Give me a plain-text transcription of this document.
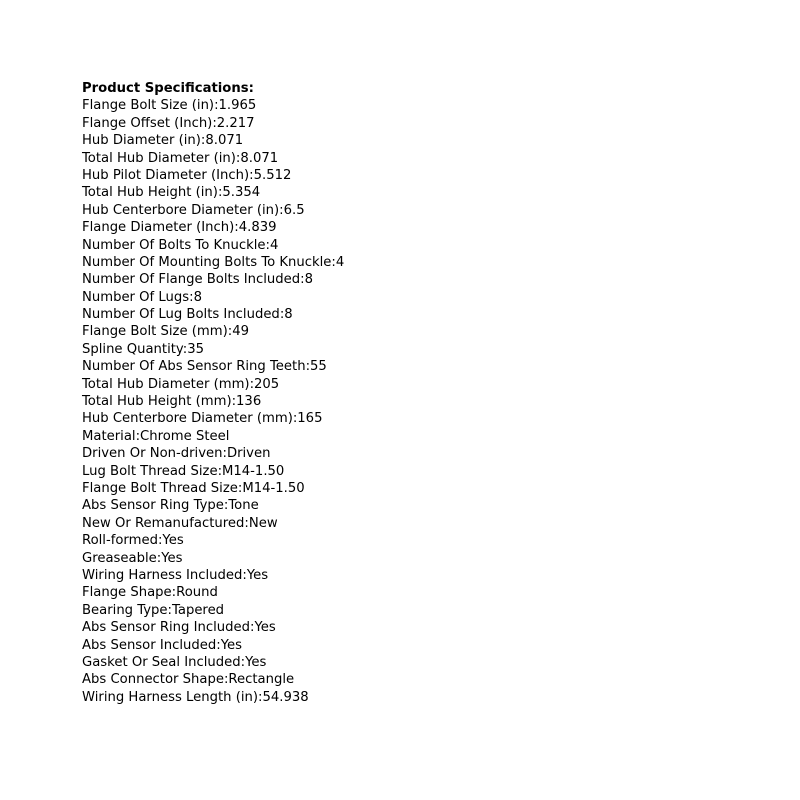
Product Specifications:
Flange Bolt Size (in):1.965
Flange Offset (Inch):2.217
Hub Diameter (in):8.071
Total Hub Diameter (in):8.071
Hub Pilot Diameter (Inch):5.512
Total Hub Height (in):5.354
Hub Centerbore Diameter (in):6.5
Flange Diameter (Inch):4.839
Number Of Bolts To Knuckle:4
Number Of Mounting Bolts To Knuckle:4
Number Of Flange Bolts Included:8
Number Of Lugs:8
Number Of Lug Bolts Included:8
Flange Bolt Size (mm):49
Spline Quantity:35
Number Of Abs Sensor Ring Teeth:55
Total Hub Diameter (mm):205
Total Hub Height (mm):136
Hub Centerbore Diameter (mm):165
Material:Chrome Steel
Driven Or Non-driven:Driven
Lug Bolt Thread Size:M14-1.50
Flange Bolt Thread Size:M14-1.50
Abs Sensor Ring Type:Tone
New Or Remanufactured:New
Roll-formed:Yes
Greaseable:Yes
Wiring Harness Included:Yes
Flange Shape:Round
Bearing Type:Tapered
Abs Sensor Ring Included:Yes
Abs Sensor Included:Yes
Gasket Or Seal Included:Yes
Abs Connector Shape:Rectangle
Wiring Harness Length (in):54.938
